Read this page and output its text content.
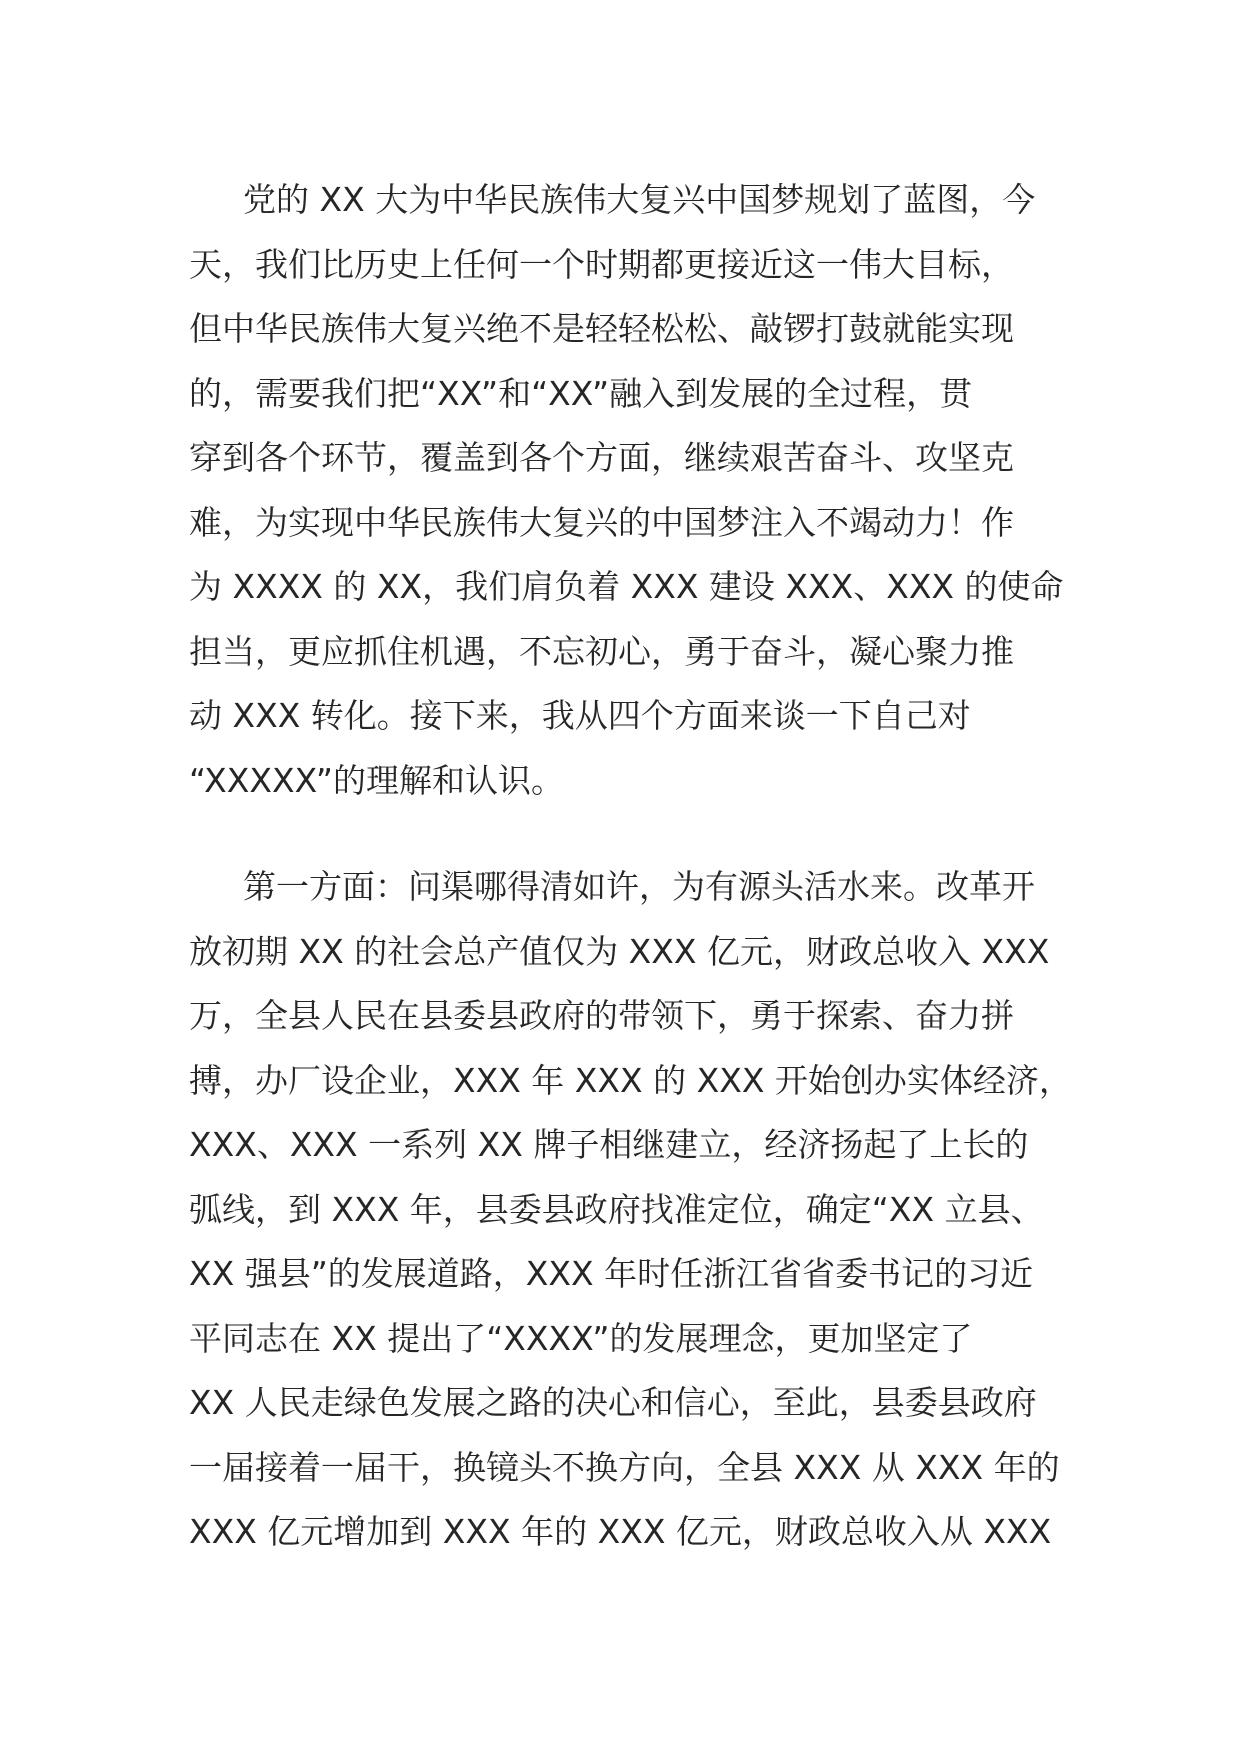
党的 XX 大为中华民族伟大复兴中国梦规划了蓝图，今
天，我们比历史上任何一个时期都更接近这一伟大目标，
但中华民族伟大复兴绝不是轻轻松松、敲锣打鼓就能实现
的，需要我们把“XX”和“XX”融入到发展的全过程，贯
穿到各个环节，覆盖到各个方面，继续艰苦奋斗、攻坚克
难，为实现中华民族伟大复兴的中国梦注入不竭动力！作
为 XXXX 的 XX，我们肩负着 XXX 建设 XXX、XXX 的使命
担当，更应抓住机遇，不忘初心，勇于奋斗，凝心聚力推
动 XXX 转化。接下来，我从四个方面来谈一下自己对
“XXXXX”的理解和认识。
第一方面：问渠哪得清如许，为有源头活水来。改革开
放初期 XX 的社会总产值仅为 XXX 亿元，财政总收入 XXX
万，全县人民在县委县政府的带领下，勇于探索、奋力拼
搏，办厂设企业，XXX 年 XXX 的 XXX 开始创办实体经济，
XXX、XXX 一系列 XX 牌子相继建立，经济扬起了上长的
弧线，到 XXX 年，县委县政府找准定位，确定“XX 立县、
XX 强县”的发展道路，XXX 年时任浙江省省委书记的习近
平同志在 XX 提出了“XXXX”的发展理念，更加坚定了
XX 人民走绿色发展之路的决心和信心，至此，县委县政府
一届接着一届干，换镜头不换方向，全县 XXX 从 XXX 年的
XXX 亿元增加到 XXX 年的 XXX 亿元，财政总收入从 XXX
